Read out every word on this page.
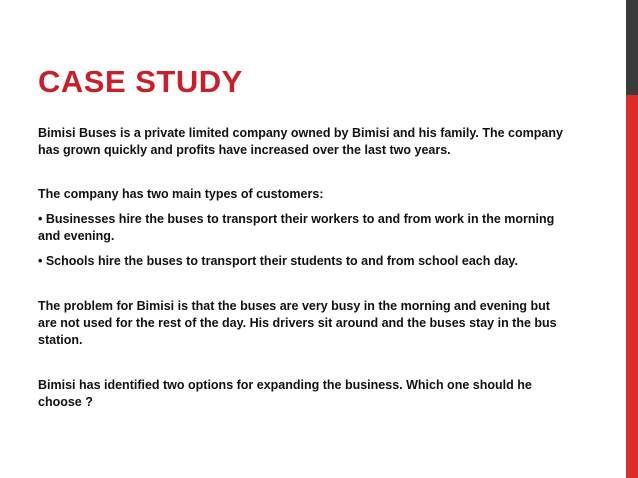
CASE STUDY

Bimisi Buses is a private limited company owned by Bimisi and his family. The company has grown quickly and profits have increased over the last two years.

The company has two main types of customers:

• Businesses hire the buses to transport their workers to and from work in the morning and evening.

• Schools hire the buses to transport their students to and from school each day.

The problem for Bimisi is that the buses are very busy in the morning and evening but are not used for the rest of the day. His drivers sit around and the buses stay in the bus station.

Bimisi has identified two options for expanding the business. Which one should he choose ?
